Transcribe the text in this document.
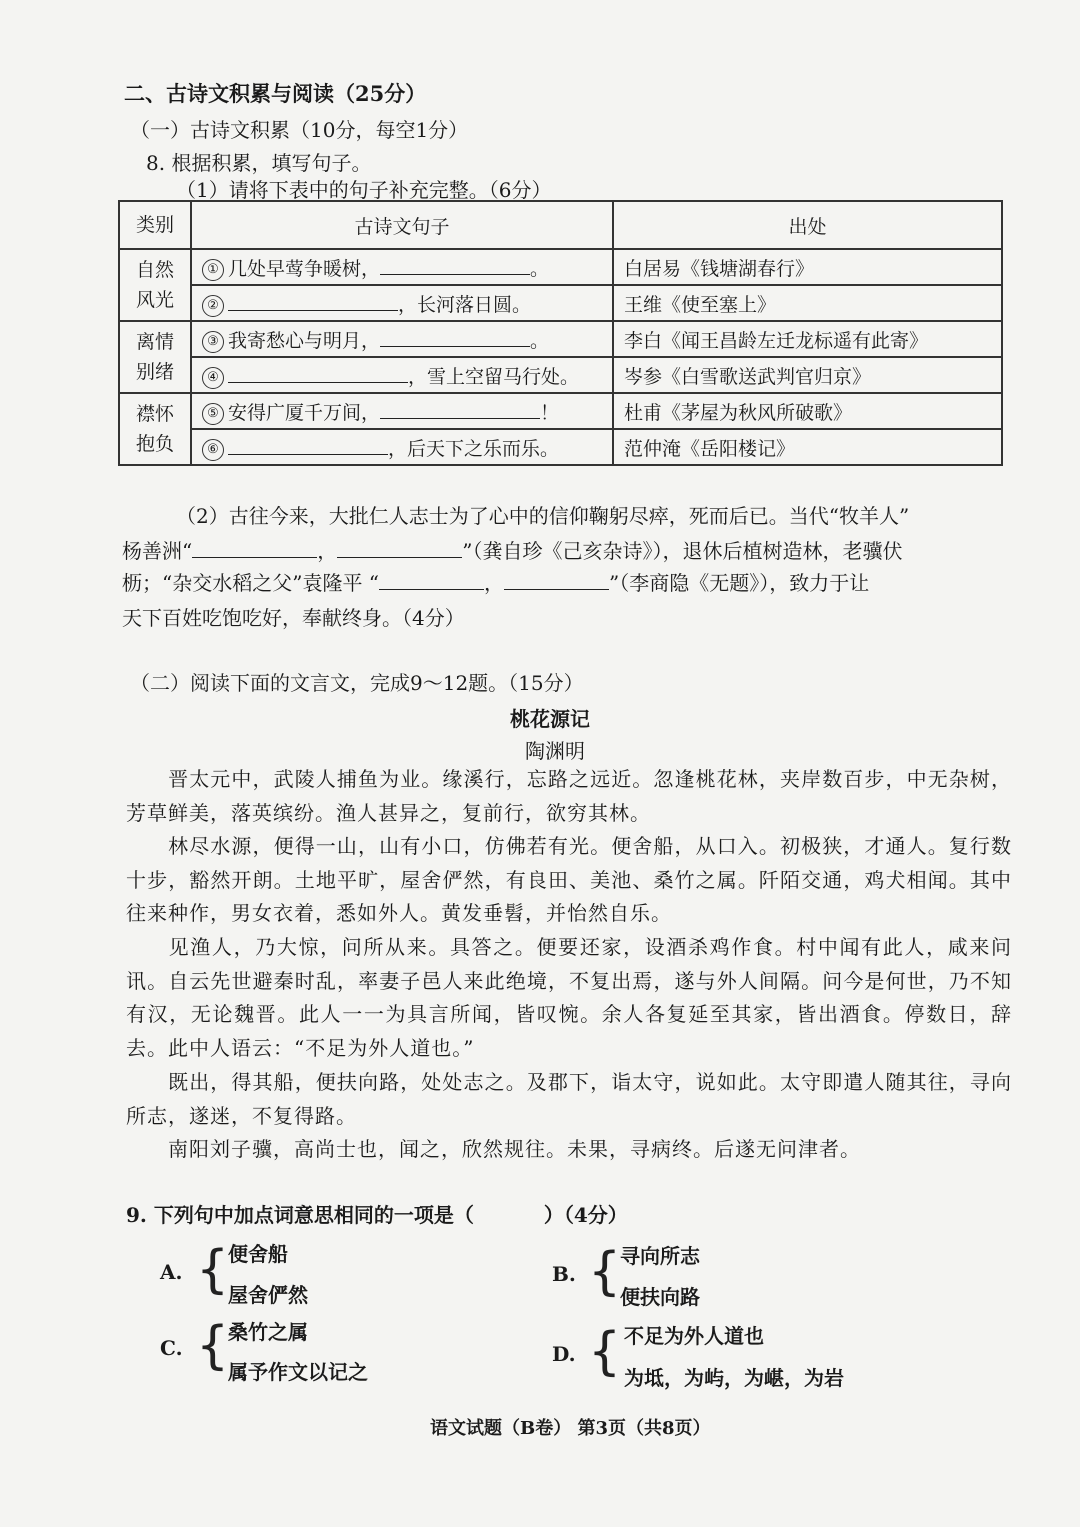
二、古诗文积累与阅读（25分）
（一）古诗文积累（10分，每空1分）
8. 根据积累，填写句子。
（1）请将下表中的句子补充完整。（6分）
类别	古诗文句子	出处

自然风光	① 几处早莺争暖树， 。	白居易《钱塘湖春行》
	② ，长河落日圆。	王维《使至塞上》

离情别绪	③ 我寄愁心与明月， 。	李白《闻王昌龄左迁龙标遥有此寄》
	④ ，雪上空留马行处。	岑参《白雪歌送武判官归京》

襟怀抱负	⑤ 安得广厦千万间， ！	杜甫《茅屋为秋风所破歌》
	⑥ ，后天下之乐而乐。	范仲淹《岳阳楼记》
（2）古往今来，大批仁人志士为了心中的信仰鞠躬尽瘁，死而后已。当代“牧羊人”
杨善洲“	，	”（龚自珍《己亥杂诗》），退休后植树造林，老骥伏
枥；“杂交水稻之父”袁隆平 “	，	”（李商隐《无题》），致力于让
天下百姓吃饱吃好，奉献终身。（4分）
（二）阅读下面的文言文，完成9～12题。（15分）
桃花源记
陶渊明
晋太元中，武陵人捕鱼为业。缘溪行，忘路之远近。忽逢桃花林，夹岸数百步，中无杂树，芳草鲜美，落英缤纷。渔人甚异之，复前行，欲穷其林。
林尽水源，便得一山，山有小口，仿佛若有光。便舍船，从口入。初极狭，才通人。复行数十步，豁然开朗。土地平旷，屋舍俨然，有良田、美池、桑竹之属。阡陌交通，鸡犬相闻。其中往来种作，男女衣着，悉如外人。黄发垂髫，并怡然自乐。
见渔人，乃大惊，问所从来。具答之。便要还家，设酒杀鸡作食。村中闻有此人，咸来问讯。自云先世避秦时乱，率妻子邑人来此绝境，不复出焉，遂与外人间隔。问今是何世，乃不知有汉，无论魏晋。此人一一为具言所闻，皆叹惋。余人各复延至其家，皆出酒食。停数日，辞去。此中人语云：“不足为外人道也。”
既出，得其船，便扶向路，处处志之。及郡下，诣太守，说如此。太守即遣人随其往，寻向所志，遂迷，不复得路。
南阳刘子骥，高尚士也，闻之，欣然规往。未果，寻病终。后遂无问津者。
9. 下列句中加点词意思相同的一项是（	）（4分）
A. {
便舍船
屋舍俨然
B. {
寻向所志
便扶向路
C. {
桑竹之属
属予作文以记之
D. { 不足为外人道也
为坻，为屿，为嵁，为岩
语文试题（B卷） 第3页（共8页）
